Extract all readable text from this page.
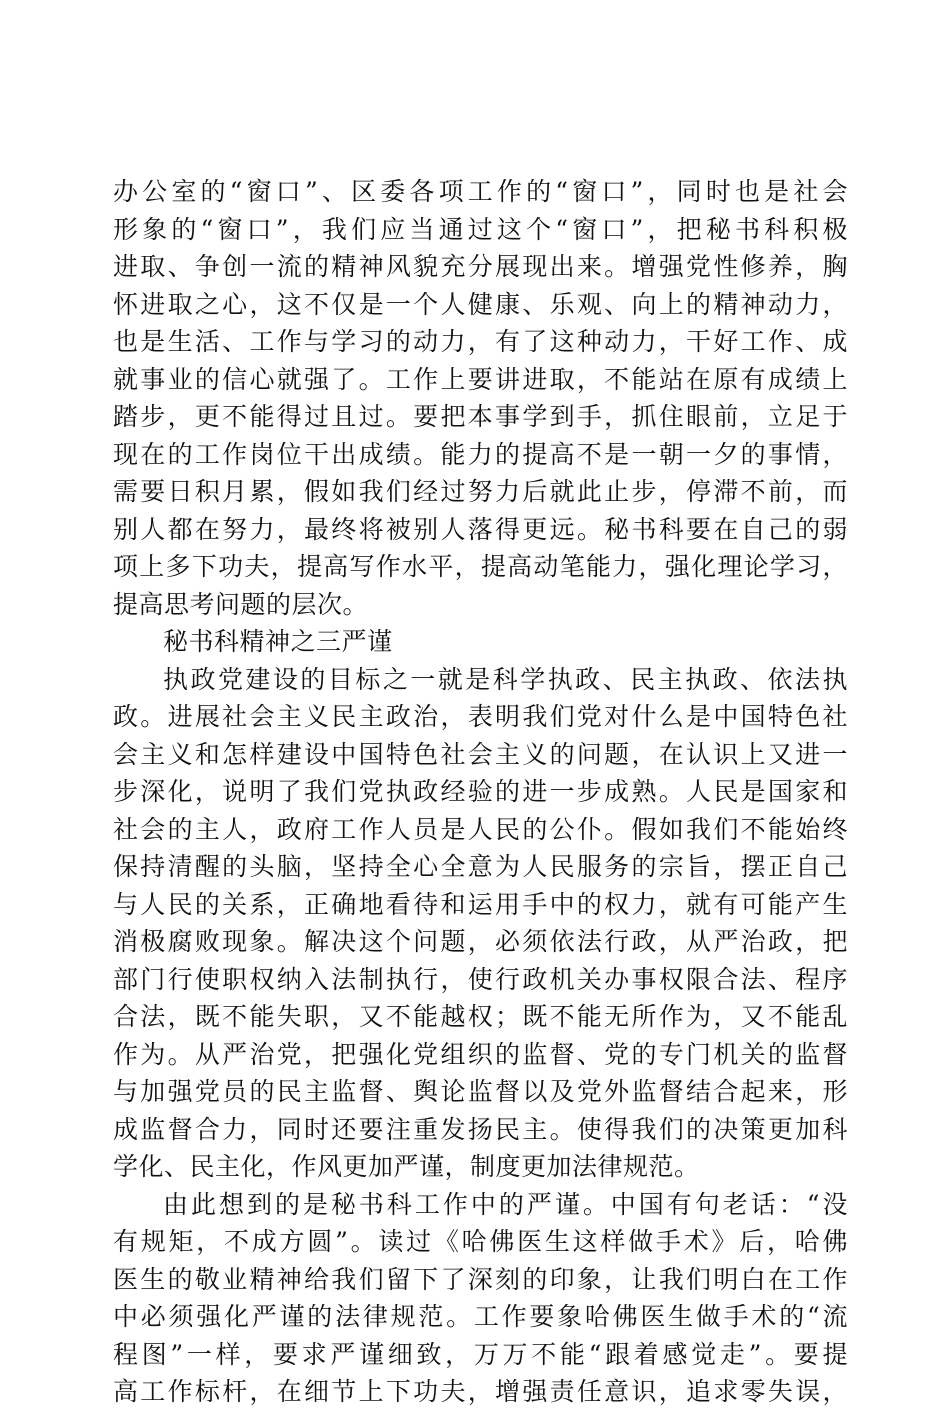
办公室的“窗口”、区委各项工作的“窗口”，同时也是社会
形象的“窗口”，我们应当通过这个“窗口”，把秘书科积极
进取、争创一流的精神风貌充分展现出来。增强党性修养，胸
怀进取之心，这不仅是一个人健康、乐观、向上的精神动力，
也是生活、工作与学习的动力，有了这种动力，干好工作、成
就事业的信心就强了。工作上要讲进取，不能站在原有成绩上
踏步，更不能得过且过。要把本事学到手，抓住眼前，立足于
现在的工作岗位干出成绩。能力的提高不是一朝一夕的事情，
需要日积月累，假如我们经过努力后就此止步，停滞不前，而
别人都在努力，最终将被别人落得更远。秘书科要在自己的弱
项上多下功夫，提高写作水平，提高动笔能力，强化理论学习，
提高思考问题的层次。
秘书科精神之三严谨
执政党建设的目标之一就是科学执政、民主执政、依法执
政。进展社会主义民主政治，表明我们党对什么是中国特色社
会主义和怎样建设中国特色社会主义的问题，在认识上又进一
步深化，说明了我们党执政经验的进一步成熟。人民是国家和
社会的主人，政府工作人员是人民的公仆。假如我们不能始终
保持清醒的头脑，坚持全心全意为人民服务的宗旨，摆正自己
与人民的关系，正确地看待和运用手中的权力，就有可能产生
消极腐败现象。解决这个问题，必须依法行政，从严治政，把
部门行使职权纳入法制执行，使行政机关办事权限合法、程序
合法，既不能失职，又不能越权；既不能无所作为，又不能乱
作为。从严治党，把强化党组织的监督、党的专门机关的监督
与加强党员的民主监督、舆论监督以及党外监督结合起来，形
成监督合力，同时还要注重发扬民主。使得我们的决策更加科
学化、民主化，作风更加严谨，制度更加法律规范。
由此想到的是秘书科工作中的严谨。中国有句老话：“没
有规矩，不成方圆”。读过《哈佛医生这样做手术》后，哈佛
医生的敬业精神给我们留下了深刻的印象，让我们明白在工作
中必须强化严谨的法律规范。工作要象哈佛医生做手术的“流
程图”一样，要求严谨细致，万万不能“跟着感觉走”。要提
高工作标杆，在细节上下功夫，增强责任意识，追求零失误，
